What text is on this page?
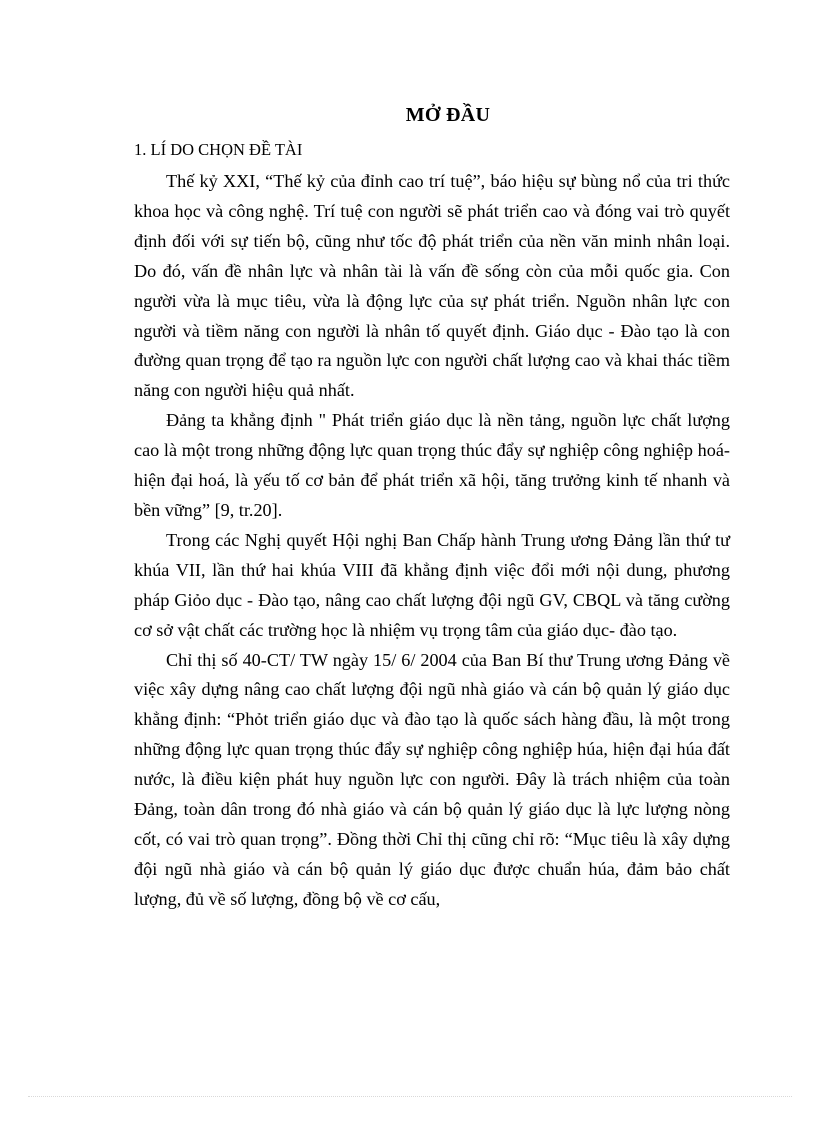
MỞ ĐẦU
1. LÍ DO CHỌN ĐỀ TÀI

Thế kỷ XXI, “Thế kỷ của đỉnh cao trí tuệ”, báo hiệu sự bùng nổ của tri thức khoa học và công nghệ. Trí tuệ con người sẽ phát triển cao và đóng vai trò quyết định đối với sự tiến bộ, cũng như tốc độ phát triển của nền văn minh nhân loại. Do đó, vấn đề nhân lực và nhân tài là vấn đề sống còn của mỗi quốc gia. Con người vừa là mục tiêu, vừa là động lực của sự phát triển. Nguồn nhân lực con người và tiềm năng con người là nhân tố quyết định. Giáo dục - Đào tạo là con đường quan trọng để tạo ra nguồn lực con người chất lượng cao và khai thác tiềm năng con người hiệu quả nhất.

Đảng ta khẳng định " Phát triển giáo dục là nền tảng, nguồn lực chất lượng cao là một trong những động lực quan trọng thúc đẩy sự nghiệp công nghiệp hoá- hiện đại hoá, là yếu tố cơ bản để phát triển xã hội, tăng trưởng kinh tế nhanh và bền vững” [9, tr.20].

Trong các Nghị quyết Hội nghị Ban Chấp hành Trung ương Đảng lần thứ tư khúa VII, lần thứ hai khúa VIII đã khẳng định việc đổi mới nội dung, phương pháp Giỏo dục - Đào tạo, nâng cao chất lượng đội ngũ GV, CBQL và tăng cường cơ sở vật chất các trường học là nhiệm vụ trọng tâm của giáo dục- đào tạo.

Chỉ thị số 40-CT/ TW ngày 15/ 6/ 2004 của Ban Bí thư Trung ương Đảng về việc xây dựng nâng cao chất lượng đội ngũ nhà giáo và cán bộ quản lý giáo dục khẳng định: “Phỏt triển giáo dục và đào tạo là quốc sách hàng đầu, là một trong những động lực quan trọng thúc đẩy sự nghiệp công nghiệp húa, hiện đại húa đất nước, là điều kiện phát huy nguồn lực con người. Đây là trách nhiệm của toàn Đảng, toàn dân trong đó nhà giáo và cán bộ quản lý giáo dục là lực lượng nòng cốt, có vai trò quan trọng”. Đồng thời Chỉ thị cũng chỉ rõ: “Mục tiêu là xây dựng đội ngũ nhà giáo và cán bộ quản lý giáo dục được chuẩn húa, đảm bảo chất lượng, đủ về số lượng, đồng bộ về cơ cấu,
